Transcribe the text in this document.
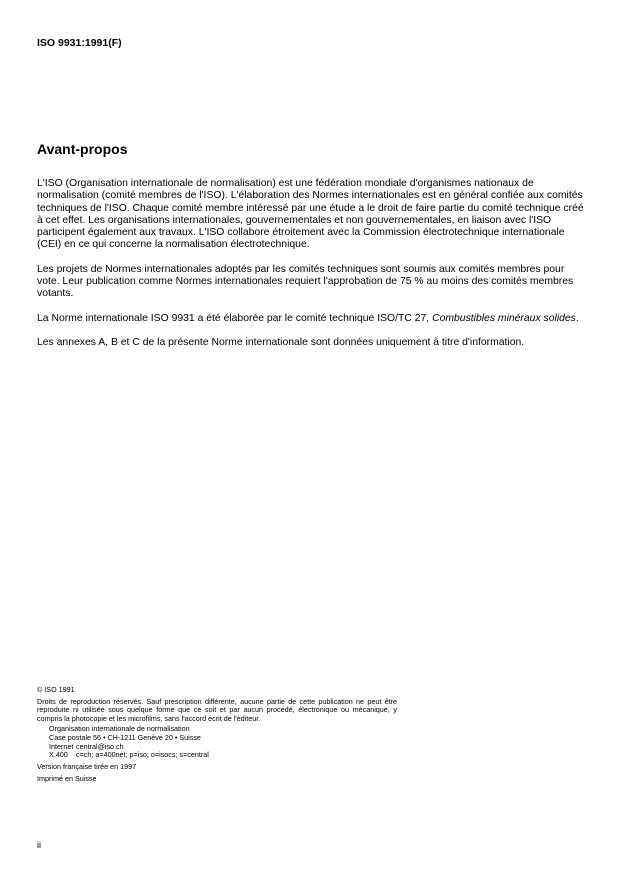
ISO 9931:1991(F)
Avant-propos

L'ISO (Organisation internationale de normalisation) est une fédération mondiale d'organismes nationaux de normalisation (comité membres de l'ISO). L'élaboration des Normes internationales est en général confiée aux comités techniques de l'ISO. Chaque comité membre intéressé par une étude a le droit de faire partie du comité technique créé à cet effet. Les organisations internationales, gouvernementales et non gouvernementales, en liaison avec l'ISO participent également aux travaux. L'ISO collabore étroitement avec la Commission électrotechnique internationale (CEI) en ce qui concerne la normalisation électrotechnique.

Les projets de Normes internationales adoptés par les comités techniques sont soumis aux comités membres pour vote. Leur publication comme Normes internationales requiert l'approbation de 75 % au moins des comités membres votants.

La Norme internationale ISO 9931 a été élaborée par le comité technique ISO/TC 27, Combustibles minéraux solides.

Les annexes A, B et C de la présente Norme internationale sont données uniquement à titre d'information.

© ISO 1991
Droits de reproduction réservés. Sauf prescription différente, aucune partie de cette publication ne peut être reproduite ni utilisée sous quelque forme que ce soit et par aucun procédé, électronique ou mécanique, y compris la photocopie et les microfilms, sans l'accord écrit de l'éditeur.
Organisation internationale de normalisation
Case postale 56 • CH-1211 Genève 20 • Suisse
Internet central@iso.ch
X.400	c=ch; a=400net; p=iso; o=isocs; s=central
Version française tirée en 1997
Imprimé en Suisse
ii
